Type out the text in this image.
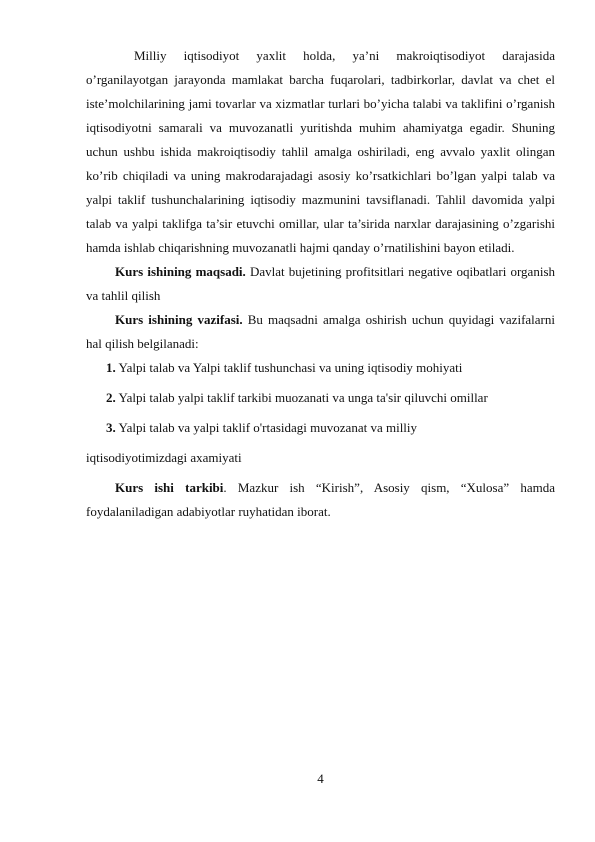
Milliy iqtisodiyot yaxlit holda, ya’ni makroiqtisodiyot darajasida o’rganilayotgan jarayonda mamlakat barcha fuqarolari, tadbirkorlar, davlat va chet el iste’molchilarining jami tovarlar va xizmatlar turlari bo’yicha talabi va taklifini o’rganish iqtisodiyotni samarali va muvozanatli yuritishda muhim ahamiyatga egadir. Shuning uchun ushbu ishida makroiqtisodiy tahlil amalga oshiriladi, eng avvalo yaxlit olingan ko’rib chiqiladi va uning makrodarajadagi asosiy ko’rsatkichlari bo’lgan yalpi talab va yalpi taklif tushunchalarining iqtisodiy mazmunini tavsiflanadi. Tahlil davomida yalpi talab va yalpi taklifga ta’sir etuvchi omillar, ular ta’sirida narxlar darajasining o’zgarishi hamda ishlab chiqarishning muvozanatli hajmi qanday o’rnatilishini bayon etiladi.

Kurs ishining maqsadi. Davlat bujetining profitsitlari negative oqibatlari organish va tahlil qilish

Kurs ishining vazifasi. Bu maqsadni amalga oshirish uchun quyidagi vazifalarni hal qilish belgilanadi:

1. Yalpi talab va Yalpi taklif tushunchasi va uning iqtisodiy mohiyati

2. Yalpi talab yalpi taklif tarkibi muozanati va unga ta'sir qiluvchi omillar

3. Yalpi talab va yalpi taklif o'rtasidagi muvozanat va milliy

iqtisodiyotimizdagi axamiyati

Kurs ishi tarkibi. Mazkur ish “Kirish”, Asosiy qism, “Xulosa” hamda foydalaniladigan adabiyotlar ruyhatidan iborat.

4
